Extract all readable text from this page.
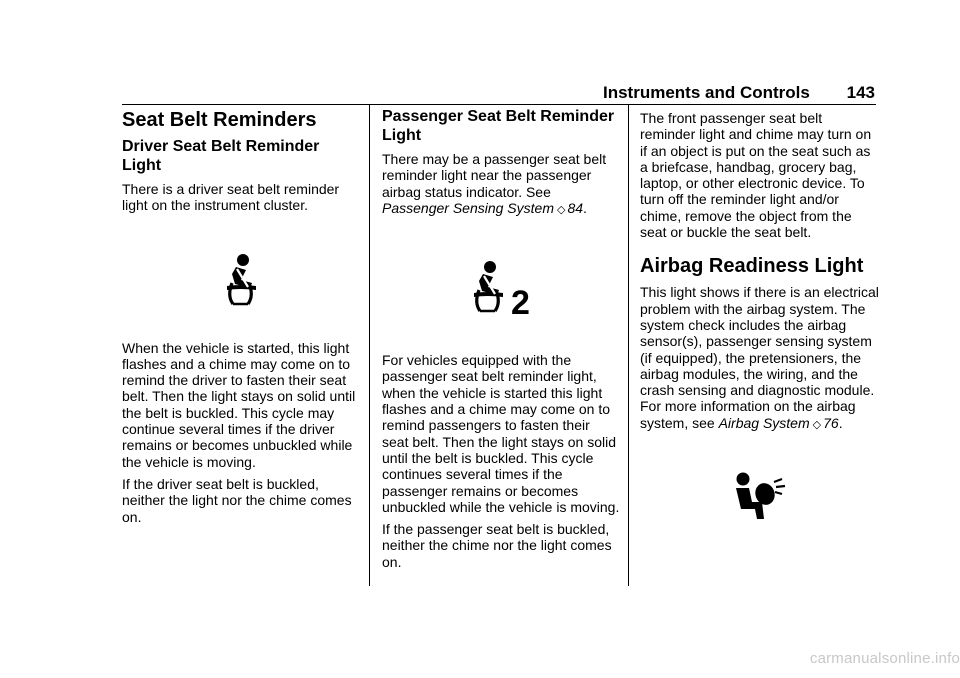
Instruments and Controls 143
Seat Belt Reminders
Driver Seat Belt Reminder Light

There is a driver seat belt reminder light on the instrument cluster.

When the vehicle is started, this light flashes and a chime may come on to remind the driver to fasten their seat belt. Then the light stays on solid until the belt is buckled. This cycle may continue several times if the driver remains or becomes unbuckled while the vehicle is moving.

If the driver seat belt is buckled, neither the light nor the chime comes on.

Passenger Seat Belt Reminder Light

There may be a passenger seat belt reminder light near the passenger airbag status indicator. See Passenger Sensing System ◇ 84.

2

For vehicles equipped with the passenger seat belt reminder light, when the vehicle is started this light flashes and a chime may come on to remind passengers to fasten their seat belt. Then the light stays on solid until the belt is buckled. This cycle continues several times if the passenger remains or becomes unbuckled while the vehicle is moving.

If the passenger seat belt is buckled, neither the chime nor the light comes on.

The front passenger seat belt reminder light and chime may turn on if an object is put on the seat such as a briefcase, handbag, grocery bag, laptop, or other electronic device. To turn off the reminder light and/or chime, remove the object from the seat or buckle the seat belt.

Airbag Readiness Light

This light shows if there is an electrical problem with the airbag system. The system check includes the airbag sensor(s), passenger sensing system (if equipped), the pretensioners, the airbag modules, the wiring, and the crash sensing and diagnostic module. For more information on the airbag system, see Airbag System ◇ 76.

carmanualsonline.info
